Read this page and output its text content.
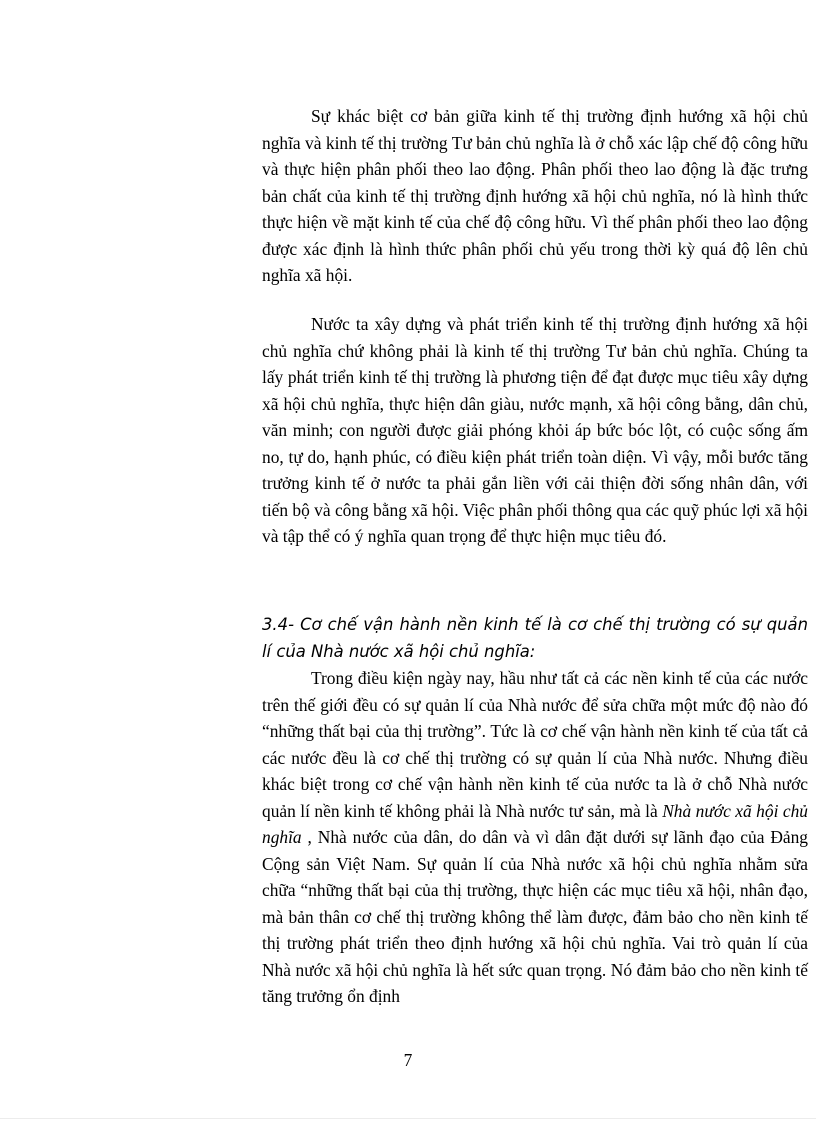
Sự khác biệt cơ bản giữa kinh tế thị trường định hướng xã hội chủ nghĩa và kinh tế thị trường Tư bản chủ nghĩa là ở chỗ xác lập chế độ công hữu và thực hiện phân phối theo lao động. Phân phối theo lao động là đặc trưng bản chất của kinh tế thị trường định hướng xã hội chủ nghĩa, nó là hình thức thực hiện về mặt kinh tế của chế độ công hữu. Vì thế phân phối theo lao động được xác định là hình thức phân phối chủ yếu trong thời kỳ quá độ lên chủ nghĩa xã hội.

Nước ta xây dựng và phát triển kinh tế thị trường định hướng xã hội chủ nghĩa chứ không phải là kinh tế thị trường Tư bản chủ nghĩa. Chúng ta lấy phát triển kinh tế thị trường là phương tiện để đạt được mục tiêu xây dựng xã hội chủ nghĩa, thực hiện dân giàu, nước mạnh, xã hội công bằng, dân chủ, văn minh; con người được giải phóng khỏi áp bức bóc lột, có cuộc sống ấm no, tự do, hạnh phúc, có điều kiện phát triển toàn diện. Vì vậy, mỗi bước tăng trưởng kinh tế ở nước ta phải gắn liền với cải thiện đời sống nhân dân, với tiến bộ và công bằng xã hội. Việc phân phối thông qua các quỹ phúc lợi xã hội và tập thể có ý nghĩa quan trọng để thực hiện mục tiêu đó.

3.4- Cơ chế vận hành nền kinh tế là cơ chế thị trường có sự quản lí của Nhà nước xã hội chủ nghĩa:

Trong điều kiện ngày nay, hầu như tất cả các nền kinh tế của các nước trên thế giới đều có sự quản lí của Nhà nước để sửa chữa một mức độ nào đó “những thất bại của thị trường”. Tức là cơ chế vận hành nền kinh tế của tất cả các nước đều là cơ chế thị trường có sự quản lí của Nhà nước. Nhưng điều khác biệt trong cơ chế vận hành nền kinh tế của nước ta là ở chỗ Nhà nước quản lí nền kinh tế không phải là Nhà nước tư sản, mà là Nhà nước xã hội chủ nghĩa , Nhà nước của dân, do dân và vì dân đặt dưới sự lãnh đạo của Đảng Cộng sản Việt Nam. Sự quản lí của Nhà nước xã hội chủ nghĩa nhằm sửa chữa “những thất bại của thị trường, thực hiện các mục tiêu xã hội, nhân đạo, mà bản thân cơ chế thị trường không thể làm được, đảm bảo cho nền kinh tế thị trường phát triển theo định hướng xã hội chủ nghĩa. Vai trò quản lí của Nhà nước xã hội chủ nghĩa là hết sức quan trọng. Nó đảm bảo cho nền kinh tế tăng trưởng ổn định

7
